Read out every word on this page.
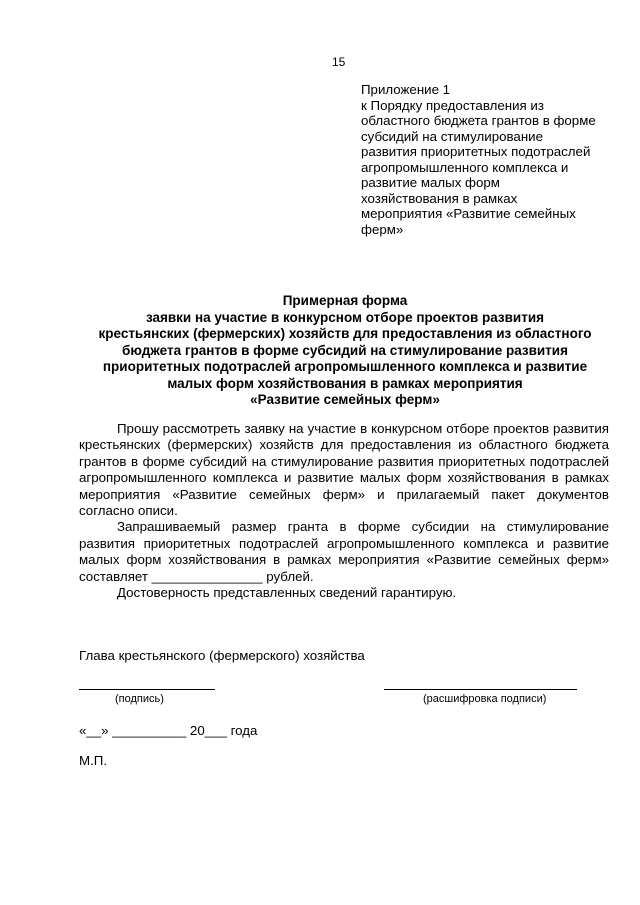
15
Приложение 1
к Порядку предоставления из
областного бюджета грантов в форме
субсидий на стимулирование
развития приоритетных подотраслей
агропромышленного комплекса и
развитие малых форм
хозяйствования в рамках
мероприятия «Развитие семейных
ферм»
Примерная форма
заявки на участие в конкурсном отборе проектов развития
крестьянских (фермерских) хозяйств для предоставления из областного
бюджета грантов в форме субсидий на стимулирование развития
приоритетных подотраслей агропромышленного комплекса и развитие
малых форм хозяйствования в рамках мероприятия
«Развитие семейных ферм»

Прошу рассмотреть заявку на участие в конкурсном отборе проектов развития крестьянских (фермерских) хозяйств для предоставления из областного бюджета грантов в форме субсидий на стимулирование развития приоритетных подотраслей агропромышленного комплекса и развитие малых форм хозяйствования в рамках мероприятия «Развитие семейных ферм» и прилагаемый пакет документов согласно описи.

Запрашиваемый размер гранта в форме субсидии на стимулирование развития приоритетных подотраслей агропромышленного комплекса и развитие малых форм хозяйствования в рамках мероприятия «Развитие семейных ферм» составляет _______________ рублей.

Достоверность представленных сведений гарантирую.

Глава крестьянского (фермерского) хозяйства
(подпись)	(расшифровка подписи)
«__» __________ 20___ года
М.П.
